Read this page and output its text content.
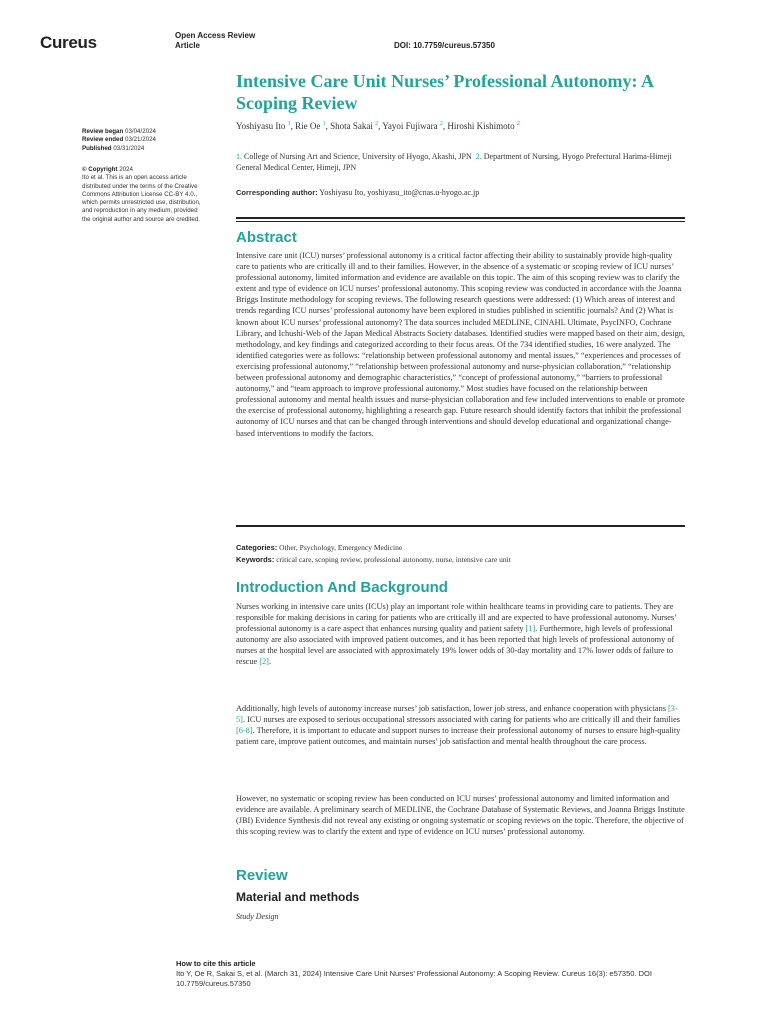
Cureus	Open Access Review
Article	DOI: 10.7759/cureus.57350
Intensive Care Unit Nurses’ Professional Autonomy: A Scoping Review
Yoshiyasu Ito $^1$, Rie Oe $^1$, Shota Sakai $^2$, Yayoi Fujiwara $^2$, Hiroshi Kishimoto $^2$
1. College of Nursing Art and Science, University of Hyogo, Akashi, JPN 2. Department of Nursing, Hyogo Prefectural Harima-Himeji General Medical Center, Himeji, JPN
Corresponding author: Yoshiyasu Ito, yoshiyasu_ito@cnas.u-hyogo.ac.jp
Review began 03/04/2024
Review ended 03/21/2024
Published 03/31/2024
© Copyright 2024
Ito et al. This is an open access article
distributed under the terms of the Creative
Commons Attribution License CC-BY 4.0.,
which permits unrestricted use, distribution,
and reproduction in any medium, provided
the original author and source are credited.
Abstract

Intensive care unit (ICU) nurses’ professional autonomy is a critical factor affecting their ability to sustainably provide high-quality care to patients who are critically ill and to their families. However, in the absence of a systematic or scoping review of ICU nurses’ professional autonomy, limited information and evidence are available on this topic. The aim of this scoping review was to clarify the extent and type of evidence on ICU nurses’ professional autonomy. This scoping review was conducted in accordance with the Joanna Briggs Institute methodology for scoping reviews. The following research questions were addressed: (1) Which areas of interest and trends regarding ICU nurses’ professional autonomy have been explored in studies published in scientific journals? And (2) What is known about ICU nurses’ professional autonomy? The data sources included MEDLINE, CINAHL Ultimate, PsycINFO, Cochrane Library, and Ichushi-Web of the Japan Medical Abstracts Society databases. Identified studies were mapped based on their aim, design, methodology, and key findings and categorized according to their focus areas. Of the 734 identified studies, 16 were analyzed. The identified categories were as follows: “relationship between professional autonomy and mental issues,” “experiences and processes of exercising professional autonomy,” “relationship between professional autonomy and nurse-physician collaboration,” “relationship between professional autonomy and demographic characteristics,” “concept of professional autonomy,” “barriers to professional autonomy,” and “team approach to improve professional autonomy.” Most studies have focused on the relationship between professional autonomy and mental health issues and nurse-physician collaboration and few included interventions to enable or promote the exercise of professional autonomy, highlighting a research gap. Future research should identify factors that inhibit the professional autonomy of ICU nurses and that can be changed through interventions and should develop educational and organizational change-based interventions to modify the factors.

Categories: Other, Psychology, Emergency Medicine
Keywords: critical care, scoping review, professional autonomy, nurse, intensive care unit
Introduction And Background

Nurses working in intensive care units (ICUs) play an important role within healthcare teams in providing care to patients. They are responsible for making decisions in caring for patients who are critically ill and are expected to have professional autonomy. Nurses’ professional autonomy is a care aspect that enhances nursing quality and patient safety [1]. Furthermore, high levels of professional autonomy are also associated with improved patient outcomes, and it has been reported that high levels of professional autonomy of nurses at the hospital level are associated with approximately 19% lower odds of 30-day mortality and 17% lower odds of failure to rescue [2].

Additionally, high levels of autonomy increase nurses’ job satisfaction, lower job stress, and enhance cooperation with physicians [3-5]. ICU nurses are exposed to serious occupational stressors associated with caring for patients who are critically ill and their families [6-8]. Therefore, it is important to educate and support nurses to increase their professional autonomy of nurses to ensure high-quality patient care, improve patient outcomes, and maintain nurses’ job satisfaction and mental health throughout the care process.

However, no systematic or scoping review has been conducted on ICU nurses’ professional autonomy and limited information and evidence are available. A preliminary search of MEDLINE, the Cochrane Database of Systematic Reviews, and Joanna Briggs Institute (JBI) Evidence Synthesis did not reveal any existing or ongoing systematic or scoping reviews on the topic. Therefore, the objective of this scoping review was to clarify the extent and type of evidence on ICU nurses’ professional autonomy.

Review
Material and methods
Study Design
How to cite this article
Ito Y, Oe R, Sakai S, et al. (March 31, 2024) Intensive Care Unit Nurses’ Professional Autonomy: A Scoping Review. Cureus 16(3): e57350. DOI
10.7759/cureus.57350
